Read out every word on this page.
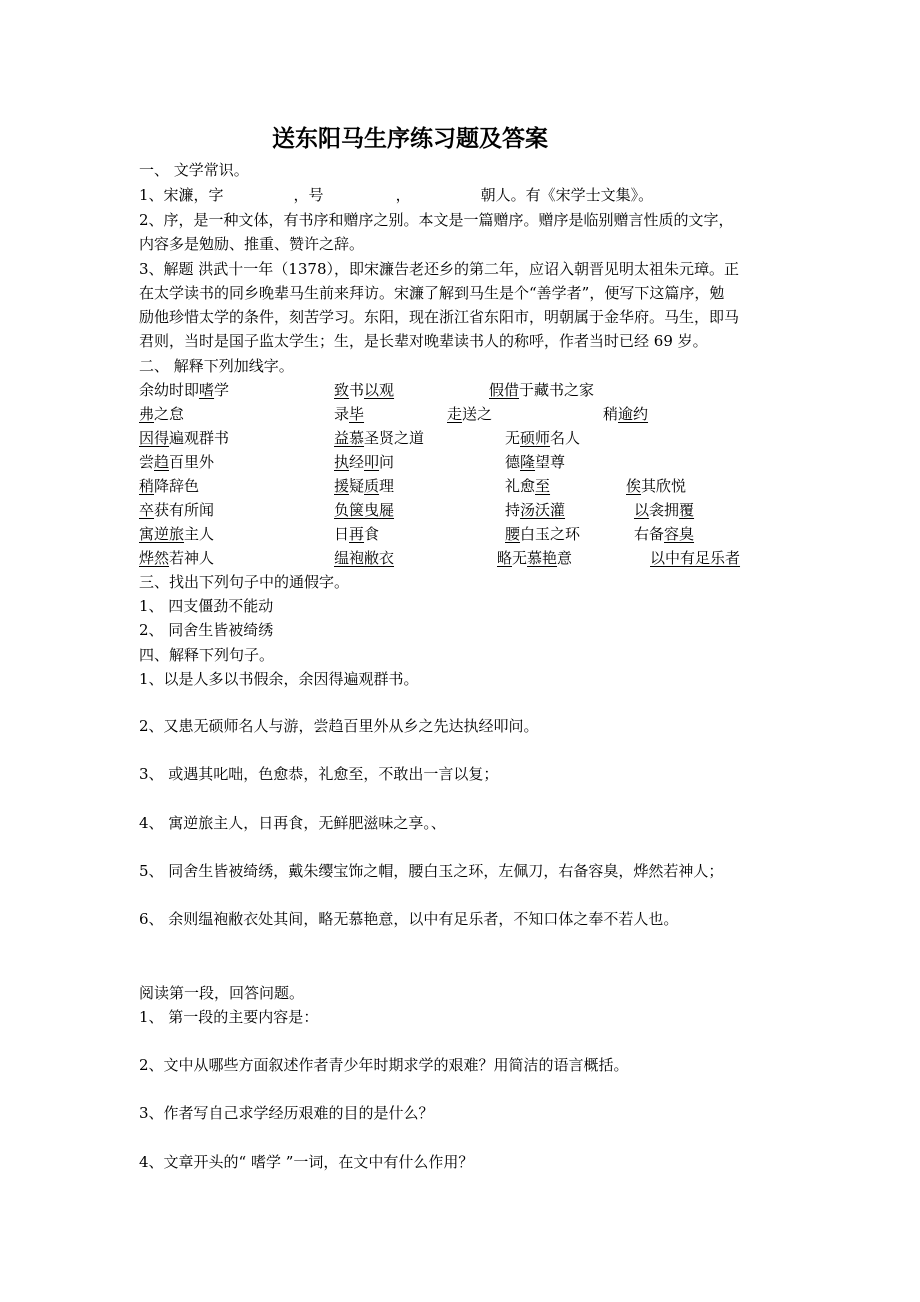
送东阳马生序练习题及答案
一、 文学常识。
1、宋濂，字	，号	，	朝人。有《宋学士文集》。
2、序，是一种文体，有书序和赠序之别。本文是一篇赠序。赠序是临别赠言性质的文字，
内容多是勉励、推重、赞许之辞。
3、解题 洪武十一年（1378），即宋濂告老还乡的第二年，应诏入朝晋见明太祖朱元璋。正
在太学读书的同乡晚辈马生前来拜访。宋濂了解到马生是个“善学者”，便写下这篇序，勉
励他珍惜太学的条件，刻苦学习。东阳，现在浙江省东阳市，明朝属于金华府。马生，即马
君则，当时是国子监太学生；生，是长辈对晚辈读书人的称呼，作者当时已经 69 岁。
二、 解释下列加线字。
余幼时即嗜学	致书以观	假借于藏书之家
弗之怠	录毕	走送之	稍逾约
因得遍观群书	益慕圣贤之道	无硕师名人
尝趋百里外	执经叩问	德隆望尊
稍降辞色	援疑质理	礼愈至	俟其欣悦
卒获有所闻	负箧曳屣	持汤沃灌	以衾拥覆
寓逆旅主人	日再食	腰白玉之环	右备容臭
烨然若神人	缊袍敝衣	略无慕艳意	以中有足乐者
三、找出下列句子中的通假字。
1、 四支僵劲不能动
2、 同舍生皆被绮绣
四、解释下列句子。
1、以是人多以书假余，余因得遍观群书。
2、又患无硕师名人与游，尝趋百里外从乡之先达执经叩问。
3、 或遇其叱咄，色愈恭，礼愈至，不敢出一言以复；
4、 寓逆旅主人，日再食，无鲜肥滋味之享。、
5、 同舍生皆被绮绣，戴朱缨宝饰之帽，腰白玉之环，左佩刀，右备容臭，烨然若神人；
6、 余则缊袍敝衣处其间，略无慕艳意，以中有足乐者，不知口体之奉不若人也。
阅读第一段，回答问题。
1、 第一段的主要内容是：
2、文中从哪些方面叙述作者青少年时期求学的艰难？用简洁的语言概括。
3、作者写自己求学经历艰难的目的是什么？
4、文章开头的“ 嗜学 ”一词，在文中有什么作用？
